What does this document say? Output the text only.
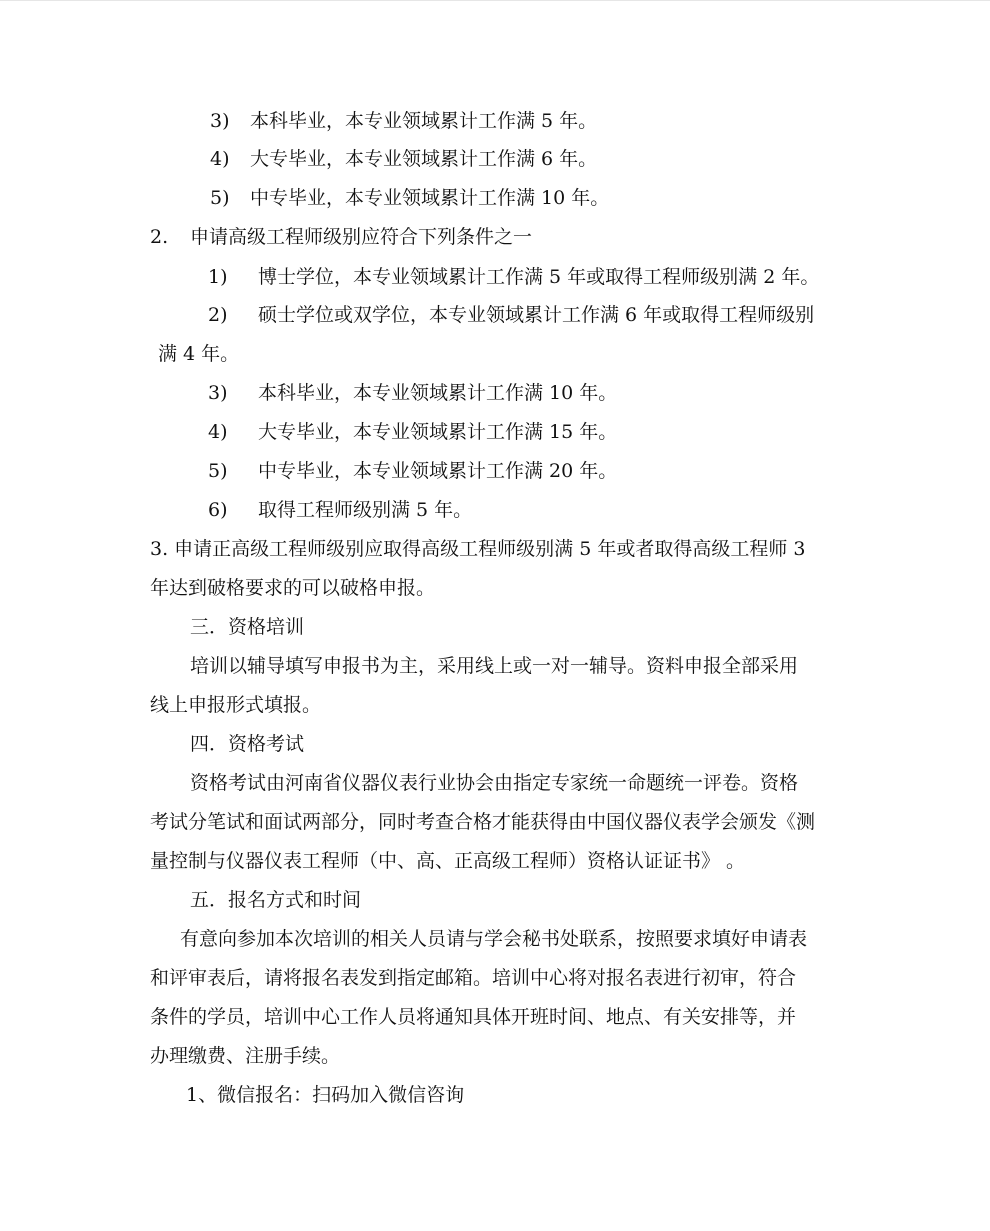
3) 本科毕业，本专业领域累计工作满 5 年。
4) 大专毕业，本专业领域累计工作满 6 年。
5) 中专毕业，本专业领域累计工作满 10 年。
2. 申请高级工程师级别应符合下列条件之一
1) 博士学位，本专业领域累计工作满 5 年或取得工程师级别满 2 年。
2) 硕士学位或双学位，本专业领域累计工作满 6 年或取得工程师级别
满 4 年。
3) 本科毕业，本专业领域累计工作满 10 年。
4) 大专毕业，本专业领域累计工作满 15 年。
5) 中专毕业，本专业领域累计工作满 20 年。
6) 取得工程师级别满 5 年。
3. 申请正高级工程师级别应取得高级工程师级别满 5 年或者取得高级工程师 3
年达到破格要求的可以破格申报。
三．资格培训
培训以辅导填写申报书为主，采用线上或一对一辅导。资料申报全部采用
线上申报形式填报。
四．资格考试
资格考试由河南省仪器仪表行业协会由指定专家统一命题统一评卷。资格
考试分笔试和面试两部分，同时考查合格才能获得由中国仪器仪表学会颁发《测
量控制与仪器仪表工程师（中、高、正高级工程师）资格认证证书》 。
五．报名方式和时间
有意向参加本次培训的相关人员请与学会秘书处联系，按照要求填好申请表
和评审表后，请将报名表发到指定邮箱。培训中心将对报名表进行初审，符合
条件的学员，培训中心工作人员将通知具体开班时间、地点、有关安排等，并
办理缴费、注册手续。
1、微信报名：扫码加入微信咨询
